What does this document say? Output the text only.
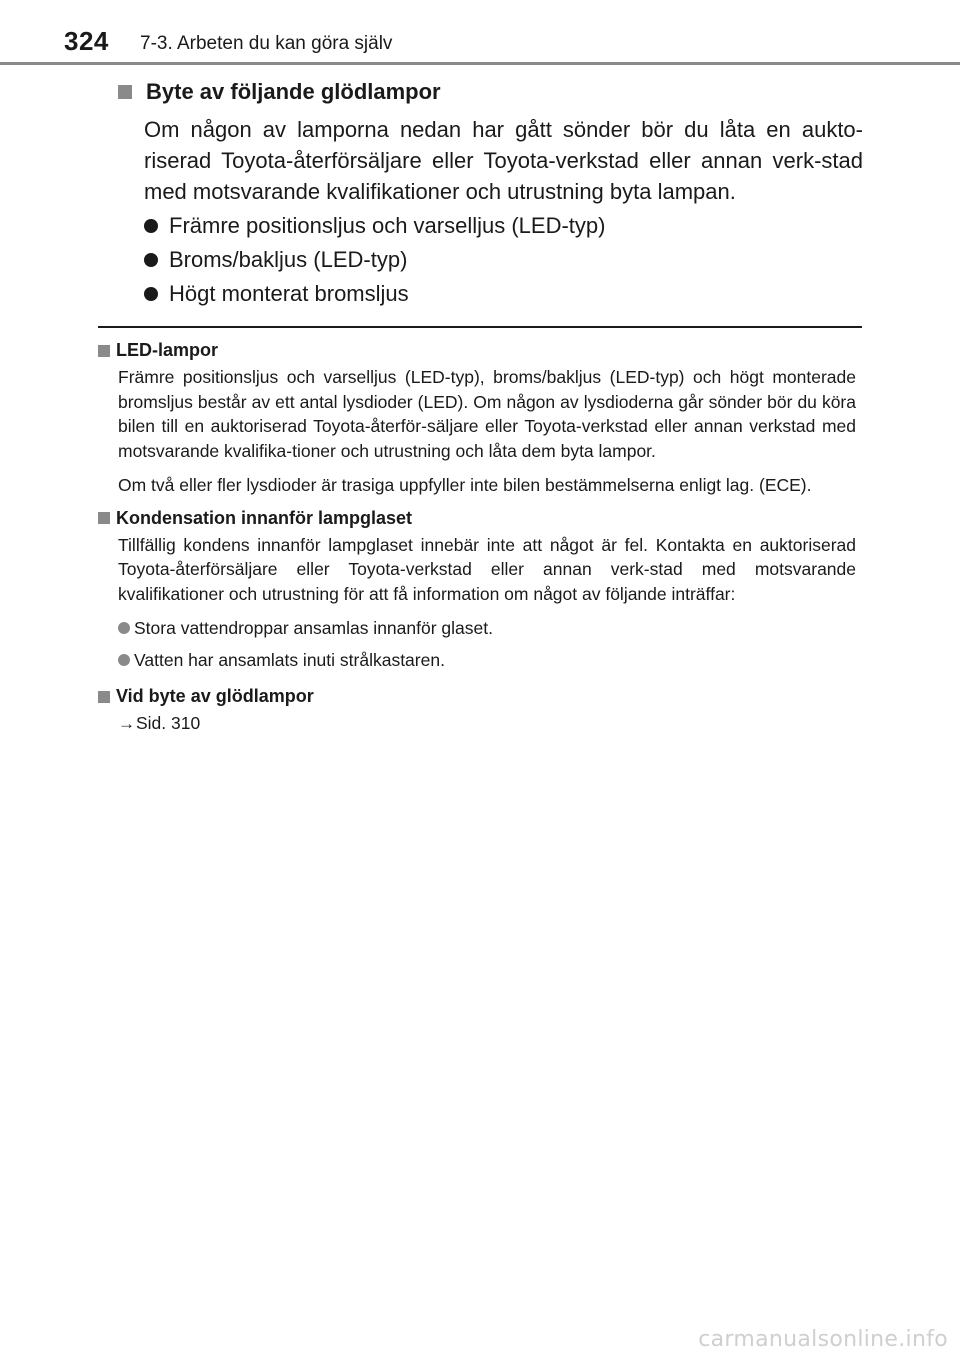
324 7-3. Arbeten du kan göra själv
Byte av följande glödlampor

Om någon av lamporna nedan har gått sönder bör du låta en aukto-riserad Toyota-återförsäljare eller Toyota-verkstad eller annan verk-stad med motsvarande kvalifikationer och utrustning byta lampan.

Främre positionsljus och varselljus (LED-typ)
Broms/bakljus (LED-typ)
Högt monterat bromsljus
LED-lampor

Främre positionsljus och varselljus (LED-typ), broms/bakljus (LED-typ) och högt monterade bromsljus består av ett antal lysdioder (LED). Om någon av lysdioderna går sönder bör du köra bilen till en auktoriserad Toyota-återför-säljare eller Toyota-verkstad eller annan verkstad med motsvarande kvalifika-tioner och utrustning och låta dem byta lampor.

Om två eller fler lysdioder är trasiga uppfyller inte bilen bestämmelserna enligt lag. (ECE).

Kondensation innanför lampglaset

Tillfällig kondens innanför lampglaset innebär inte att något är fel. Kontakta en auktoriserad Toyota-återförsäljare eller Toyota-verkstad eller annan verk-stad med motsvarande kvalifikationer och utrustning för att få information om något av följande inträffar:

Stora vattendroppar ansamlas innanför glaset.
Vatten har ansamlats inuti strålkastaren.
Vid byte av glödlampor

→Sid. 310

carmanualsonline.info
